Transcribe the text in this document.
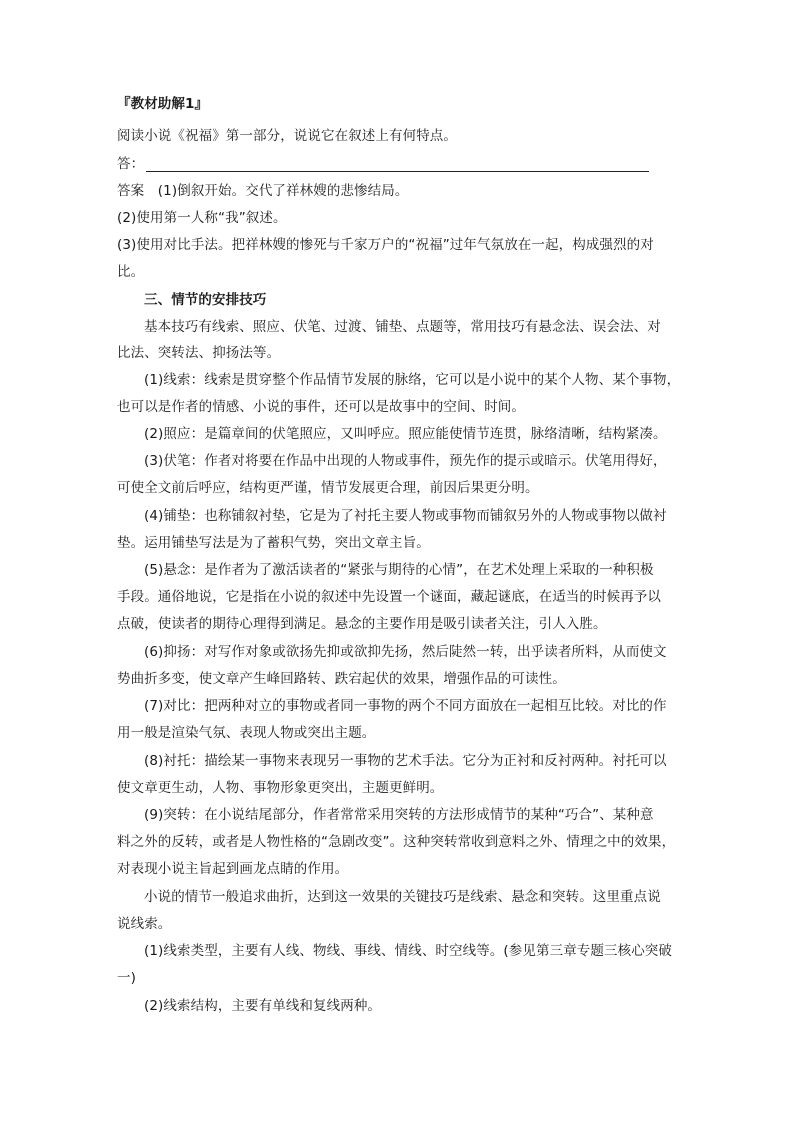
『教材助解1』
阅读小说《祝福》第一部分，说说它在叙述上有何特点。
答：
答案　(1)倒叙开始。交代了祥林嫂的悲惨结局。
(2)使用第一人称“我”叙述。
(3)使用对比手法。把祥林嫂的惨死与千家万户的“祝福”过年气氛放在一起，构成强烈的对
比。
三、情节的安排技巧
基本技巧有线索、照应、伏笔、过渡、铺垫、点题等，常用技巧有悬念法、误会法、对
比法、突转法、抑扬法等。
(1)线索：线索是贯穿整个作品情节发展的脉络，它可以是小说中的某个人物、某个事物，
也可以是作者的情感、小说的事件，还可以是故事中的空间、时间。
(2)照应：是篇章间的伏笔照应，又叫呼应。照应能使情节连贯，脉络清晰，结构紧凑。
(3)伏笔：作者对将要在作品中出现的人物或事件，预先作的提示或暗示。伏笔用得好，
可使全文前后呼应，结构更严谨，情节发展更合理，前因后果更分明。
(4)铺垫：也称铺叙衬垫，它是为了衬托主要人物或事物而铺叙另外的人物或事物以做衬
垫。运用铺垫写法是为了蓄积气势，突出文章主旨。
(5)悬念：是作者为了激活读者的“紧张与期待的心情”，在艺术处理上采取的一种积极
手段。通俗地说，它是指在小说的叙述中先设置一个谜面，藏起谜底，在适当的时候再予以
点破，使读者的期待心理得到满足。悬念的主要作用是吸引读者关注，引人入胜。
(6)抑扬：对写作对象或欲扬先抑或欲抑先扬，然后陡然一转，出乎读者所料，从而使文
势曲折多变，使文章产生峰回路转、跌宕起伏的效果，增强作品的可读性。
(7)对比：把两种对立的事物或者同一事物的两个不同方面放在一起相互比较。对比的作
用一般是渲染气氛、表现人物或突出主题。
(8)衬托：描绘某一事物来表现另一事物的艺术手法。它分为正衬和反衬两种。衬托可以
使文章更生动，人物、事物形象更突出，主题更鲜明。
(9)突转：在小说结尾部分，作者常常采用突转的方法形成情节的某种“巧合”、某种意
料之外的反转，或者是人物性格的“急剧改变”。这种突转常收到意料之外、情理之中的效果，
对表现小说主旨起到画龙点睛的作用。
小说的情节一般追求曲折，达到这一效果的关键技巧是线索、悬念和突转。这里重点说
说线索。
(1)线索类型，主要有人线、物线、事线、情线、时空线等。(参见第三章专题三核心突破
一)
(2)线索结构，主要有单线和复线两种。
